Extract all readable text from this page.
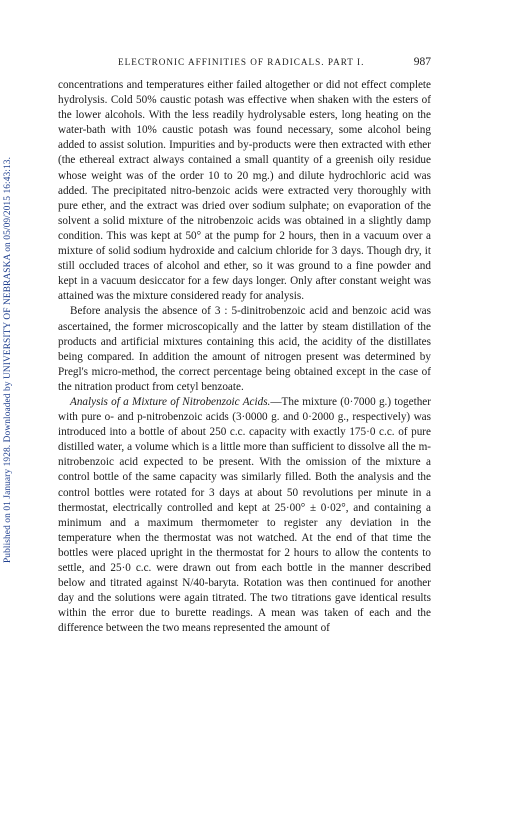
Published on 01 January 1928. Downloaded by UNIVERSITY OF NEBRASKA on 05/09/2015 16:43:13.
ELECTRONIC AFFINITIES OF RADICALS. PART I.	987

concentrations and temperatures either failed altogether or did not effect complete hydrolysis. Cold 50% caustic potash was effective when shaken with the esters of the lower alcohols. With the less readily hydrolysable esters, long heating on the water-bath with 10% caustic potash was found necessary, some alcohol being added to assist solution. Impurities and by-products were then extracted with ether (the ethereal extract always contained a small quantity of a greenish oily residue whose weight was of the order 10 to 20 mg.) and dilute hydrochloric acid was added. The precipitated nitro-benzoic acids were extracted very thoroughly with pure ether, and the extract was dried over sodium sulphate; on evaporation of the solvent a solid mixture of the nitrobenzoic acids was obtained in a slightly damp condition. This was kept at 50° at the pump for 2 hours, then in a vacuum over a mixture of solid sodium hydroxide and calcium chloride for 3 days. Though dry, it still occluded traces of alcohol and ether, so it was ground to a fine powder and kept in a vacuum desiccator for a few days longer. Only after constant weight was attained was the mixture considered ready for analysis.

Before analysis the absence of 3 : 5-dinitrobenzoic acid and benzoic acid was ascertained, the former microscopically and the latter by steam distillation of the products and artificial mixtures containing this acid, the acidity of the distillates being compared. In addition the amount of nitrogen present was determined by Pregl's micro-method, the correct percentage being obtained except in the case of the nitration product from cetyl benzoate.

Analysis of a Mixture of Nitrobenzoic Acids.—The mixture (0·7000 g.) together with pure o- and p-nitrobenzoic acids (3·0000 g. and 0·2000 g., respectively) was introduced into a bottle of about 250 c.c. capacity with exactly 175·0 c.c. of pure distilled water, a volume which is a little more than sufficient to dissolve all the m-nitrobenzoic acid expected to be present. With the omission of the mixture a control bottle of the same capacity was similarly filled. Both the analysis and the control bottles were rotated for 3 days at about 50 revolutions per minute in a thermostat, electrically controlled and kept at 25·00° ± 0·02°, and containing a minimum and a maximum thermometer to register any deviation in the temperature when the thermostat was not watched. At the end of that time the bottles were placed upright in the thermostat for 2 hours to allow the contents to settle, and 25·0 c.c. were drawn out from each bottle in the manner described below and titrated against N/40-baryta. Rotation was then continued for another day and the solutions were again titrated. The two titrations gave identical results within the error due to burette readings. A mean was taken of each and the difference between the two means represented the amount of
